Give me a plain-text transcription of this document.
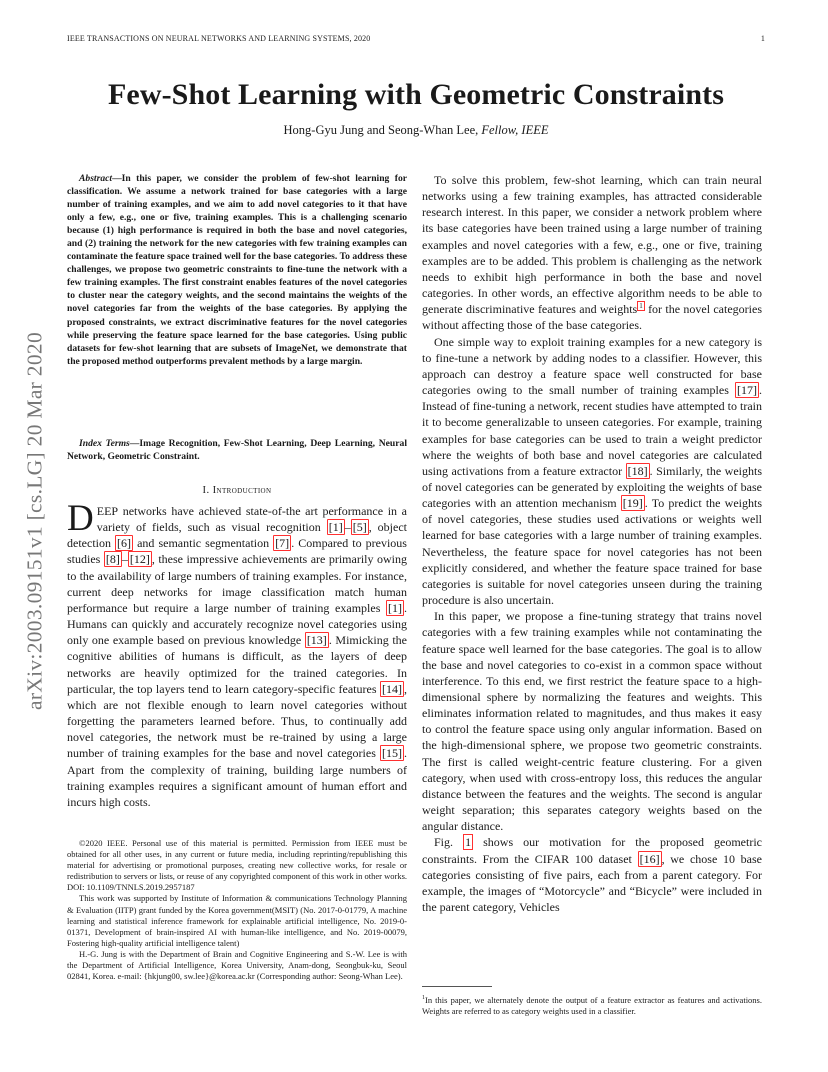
IEEE TRANSACTIONS ON NEURAL NETWORKS AND LEARNING SYSTEMS, 2020	1
arXiv:2003.09151v1 [cs.LG] 20 Mar 2020
Few-Shot Learning with Geometric Constraints
Hong-Gyu Jung and Seong-Whan Lee, Fellow, IEEE
Abstract—In this paper, we consider the problem of few-shot learning for classification. We assume a network trained for base categories with a large number of training examples, and we aim to add novel categories to it that have only a few, e.g., one or five, training examples. This is a challenging scenario because (1) high performance is required in both the base and novel categories, and (2) training the network for the new categories with few training examples can contaminate the feature space trained well for the base categories. To address these challenges, we propose two geometric constraints to fine-tune the network with a few training examples. The first constraint enables features of the novel categories to cluster near the category weights, and the second maintains the weights of the novel categories far from the weights of the base categories. By applying the proposed constraints, we extract discriminative features for the novel categories while preserving the feature space learned for the base categories. Using public datasets for few-shot learning that are subsets of ImageNet, we demonstrate that the proposed method outperforms prevalent methods by a large margin.
Index Terms—Image Recognition, Few-Shot Learning, Deep Learning, Neural Network, Geometric Constraint.
I. Introduction
DEEP networks have achieved state-of-the art performance in a variety of fields, such as visual recognition [1] – [5] , object detection [6] and semantic segmentation [7] . Compared to previous studies [8] – [12] , these impressive achievements are primarily owing to the availability of large numbers of training examples. For instance, current deep networks for image classification match human performance but require a large number of training examples [1] . Humans can quickly and accurately recognize novel categories using only one example based on previous knowledge [13] . Mimicking the cognitive abilities of humans is difficult, as the layers of deep networks are heavily optimized for the trained categories. In particular, the top layers tend to learn category-specific features [14] , which are not flexible enough to learn novel categories without forgetting the parameters learned before. Thus, to continually add novel categories, the network must be re-trained by using a large number of training examples for the base and novel categories [15] . Apart from the complexity of training, building large numbers of training examples requires a significant amount of human effort and incurs high costs.

©2020 IEEE. Personal use of this material is permitted. Permission from IEEE must be obtained for all other uses, in any current or future media, including reprinting/republishing this material for advertising or promotional purposes, creating new collective works, for resale or redistribution to servers or lists, or reuse of any copyrighted component of this work in other works. DOI: 10.1109/TNNLS.2019.2957187

This work was supported by Institute of Information & communications Technology Planning & Evaluation (IITP) grant funded by the Korea government(MSIT) (No. 2017-0-01779, A machine learning and statistical inference framework for explainable artificial intelligence, No. 2019-0-01371, Development of brain-inspired AI with human-like intelligence, and No. 2019-00079, Fostering high-quality artificial intelligence talent)

H.-G. Jung is with the Department of Brain and Cognitive Engineering and S.-W. Lee is with the Department of Artificial Intelligence, Korea University, Anam-dong, Seongbuk-ku, Seoul 02841, Korea. e-mail: {hkjung00, sw.lee}@korea.ac.kr (Corresponding author: Seong-Whan Lee).

To solve this problem, few-shot learning, which can train neural networks using a few training examples, has attracted considerable research interest. In this paper, we consider a network problem where its base categories have been trained using a large number of training examples and novel categories with a few, e.g., one or five, training examples are to be added. This problem is challenging as the network needs to exhibit high performance in both the base and novel categories. In other words, an effective algorithm needs to be able to generate discriminative features and weights $^1$ for the novel categories without affecting those of the base categories.

One simple way to exploit training examples for a new category is to fine-tune a network by adding nodes to a classifier. However, this approach can destroy a feature space well constructed for base categories owing to the small number of training examples [17] . Instead of fine-tuning a network, recent studies have attempted to train it to become generalizable to unseen categories. For example, training examples for base categories can be used to train a weight predictor where the weights of both base and novel categories are calculated using activations from a feature extractor [18] . Similarly, the weights of novel categories can be generated by exploiting the weights of base categories with an attention mechanism [19] . To predict the weights of novel categories, these studies used activations or weights well learned for base categories with a large number of training examples. Nevertheless, the feature space for novel categories has not been explicitly considered, and whether the feature space trained for base categories is suitable for novel categories unseen during the training procedure is also uncertain.

In this paper, we propose a fine-tuning strategy that trains novel categories with a few training examples while not contaminating the feature space well learned for the base categories. The goal is to allow the base and novel categories to co-exist in a common space without interference. To this end, we first restrict the feature space to a high-dimensional sphere by normalizing the features and weights. This eliminates information related to magnitudes, and thus makes it easy to control the feature space using only angular information. Based on the high-dimensional sphere, we propose two geometric constraints. The first is called weight-centric feature clustering. For a given category, when used with cross-entropy loss, this reduces the angular distance between the features and the weights. The second is angular weight separation; this separates category weights based on the angular distance.

Fig. 1 shows our motivation for the proposed geometric constraints. From the CIFAR 100 dataset [16] , we chose 10 base categories consisting of five pairs, each from a parent category. For example, the images of “Motorcycle” and “Bicycle” were included in the parent category, Vehicles

$^1$In this paper, we alternately denote the output of a feature extractor as features and activations. Weights are referred to as category weights used in a classifier.
